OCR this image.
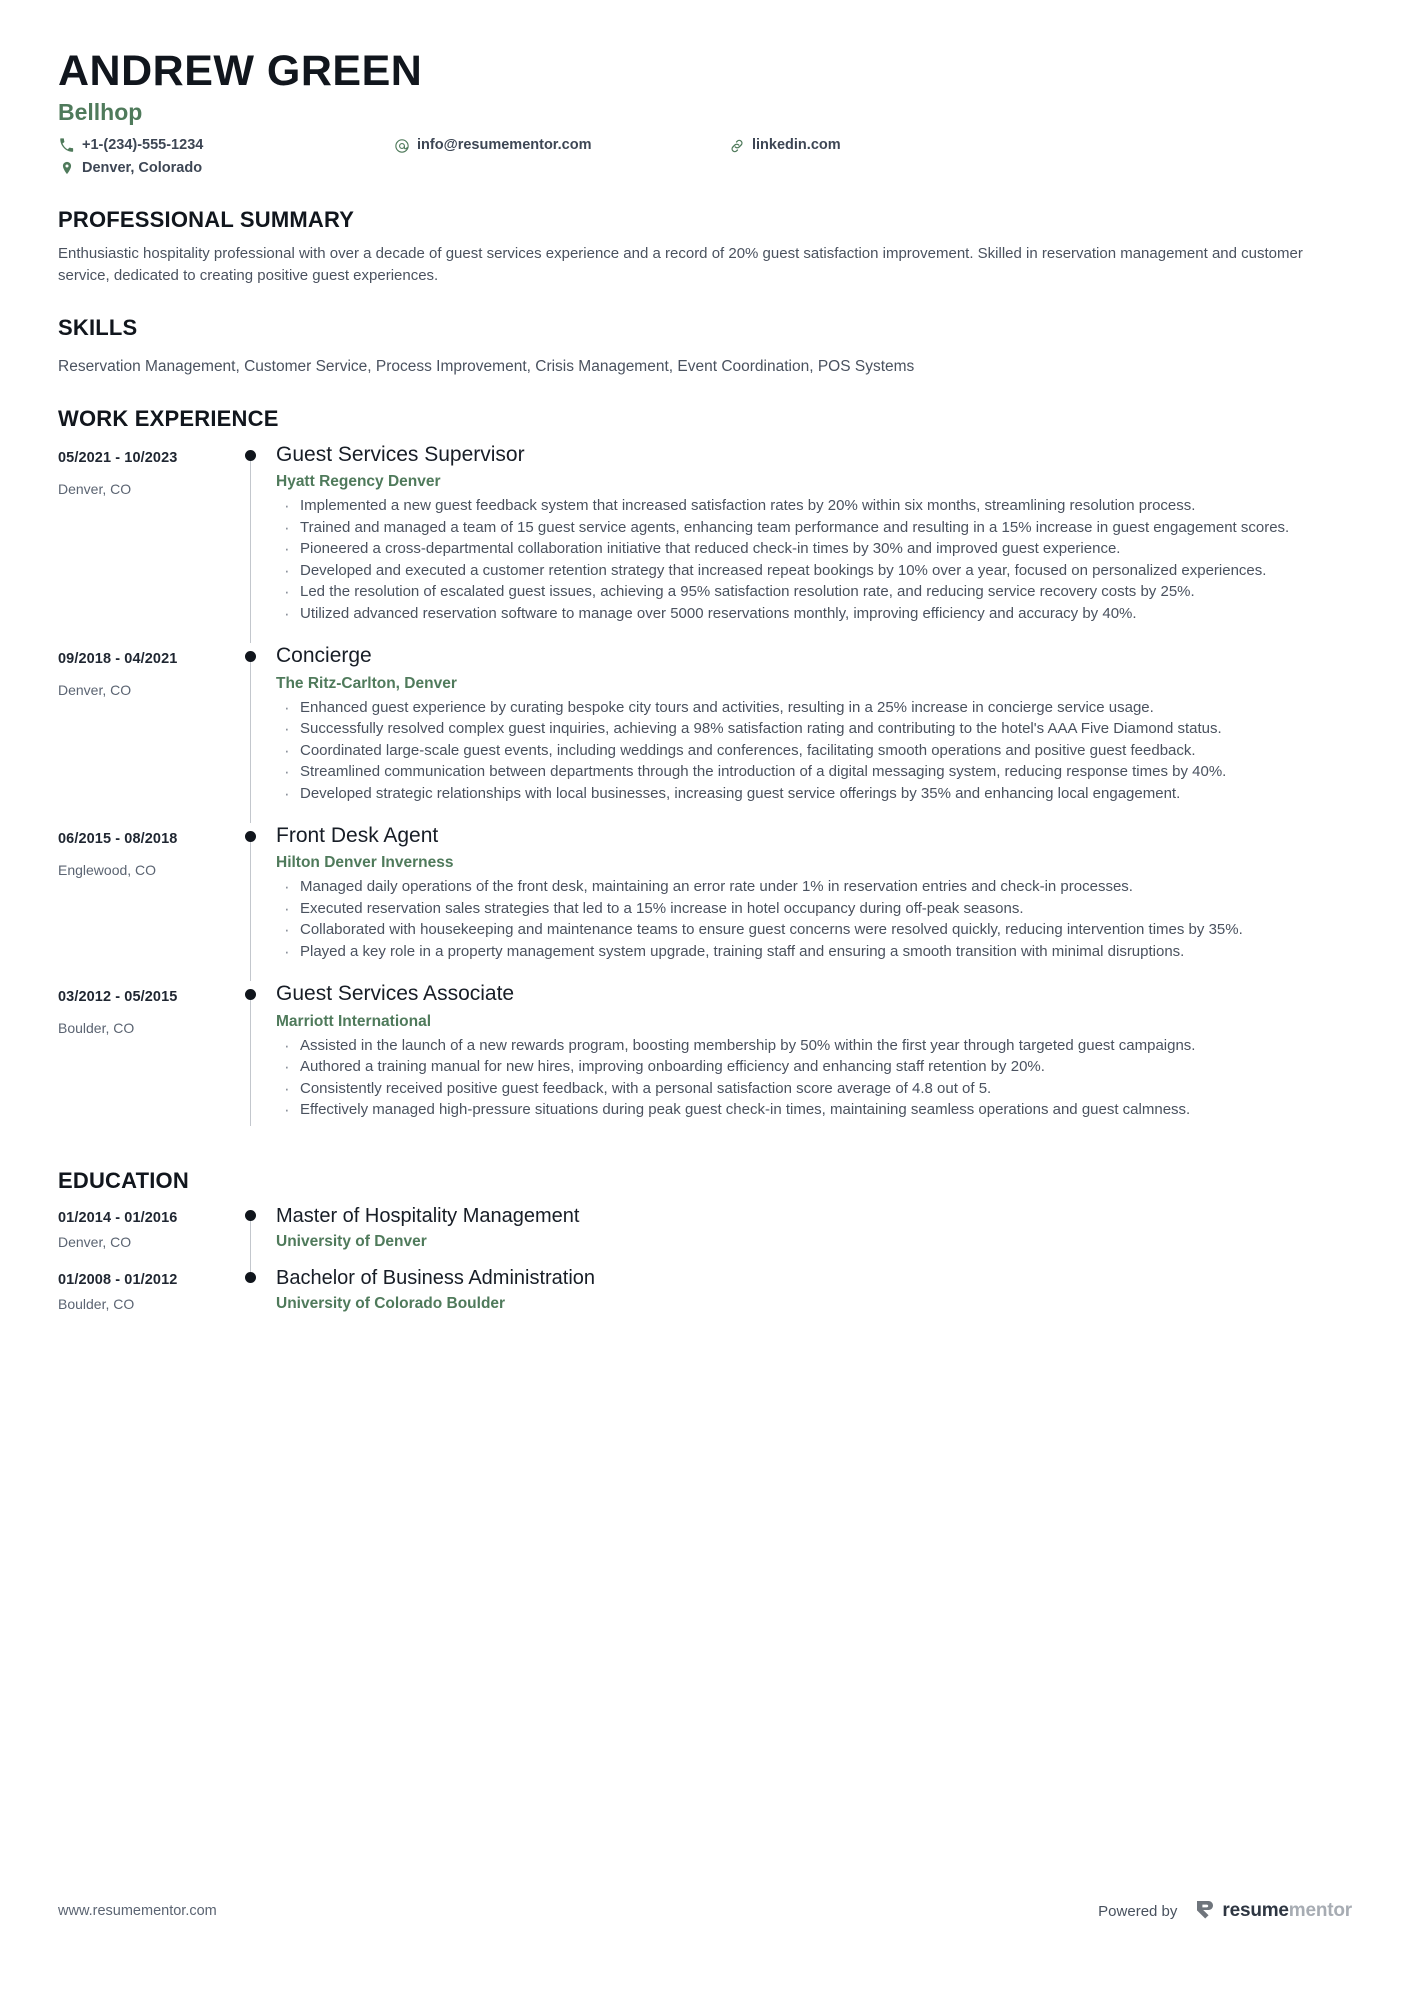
ANDREW GREEN
Bellhop
+1-(234)-555-1234	info@resumementor.com	linkedin.com
Denver, Colorado
PROFESSIONAL SUMMARY
Enthusiastic hospitality professional with over a decade of guest services experience and a record of 20% guest satisfaction improvement. Skilled in reservation management and customer service, dedicated to creating positive guest experiences.
SKILLS
Reservation Management, Customer Service, Process Improvement, Crisis Management, Event Coordination, POS Systems
WORK EXPERIENCE
05/2021 - 10/2023
Denver, CO
Guest Services Supervisor
Hyatt Regency Denver
· Implemented a new guest feedback system that increased satisfaction rates by 20% within six months, streamlining resolution process.
· Trained and managed a team of 15 guest service agents, enhancing team performance and resulting in a 15% increase in guest engagement scores.
· Pioneered a cross-departmental collaboration initiative that reduced check-in times by 30% and improved guest experience.
· Developed and executed a customer retention strategy that increased repeat bookings by 10% over a year, focused on personalized experiences.
· Led the resolution of escalated guest issues, achieving a 95% satisfaction resolution rate, and reducing service recovery costs by 25%.
· Utilized advanced reservation software to manage over 5000 reservations monthly, improving efficiency and accuracy by 40%.
09/2018 - 04/2021
Denver, CO
Concierge
The Ritz-Carlton, Denver
· Enhanced guest experience by curating bespoke city tours and activities, resulting in a 25% increase in concierge service usage.
· Successfully resolved complex guest inquiries, achieving a 98% satisfaction rating and contributing to the hotel's AAA Five Diamond status.
· Coordinated large-scale guest events, including weddings and conferences, facilitating smooth operations and positive guest feedback.
· Streamlined communication between departments through the introduction of a digital messaging system, reducing response times by 40%.
· Developed strategic relationships with local businesses, increasing guest service offerings by 35% and enhancing local engagement.
06/2015 - 08/2018
Englewood, CO
Front Desk Agent
Hilton Denver Inverness
· Managed daily operations of the front desk, maintaining an error rate under 1% in reservation entries and check-in processes.
· Executed reservation sales strategies that led to a 15% increase in hotel occupancy during off-peak seasons.
· Collaborated with housekeeping and maintenance teams to ensure guest concerns were resolved quickly, reducing intervention times by 35%.
· Played a key role in a property management system upgrade, training staff and ensuring a smooth transition with minimal disruptions.
03/2012 - 05/2015
Boulder, CO
Guest Services Associate
Marriott International
· Assisted in the launch of a new rewards program, boosting membership by 50% within the first year through targeted guest campaigns.
· Authored a training manual for new hires, improving onboarding efficiency and enhancing staff retention by 20%.
· Consistently received positive guest feedback, with a personal satisfaction score average of 4.8 out of 5.
· Effectively managed high-pressure situations during peak guest check-in times, maintaining seamless operations and guest calmness.
EDUCATION
01/2014 - 01/2016
Denver, CO
Master of Hospitality Management
University of Denver
01/2008 - 01/2012
Boulder, CO
Bachelor of Business Administration
University of Colorado Boulder
www.resumementor.com	Powered by resumementor
